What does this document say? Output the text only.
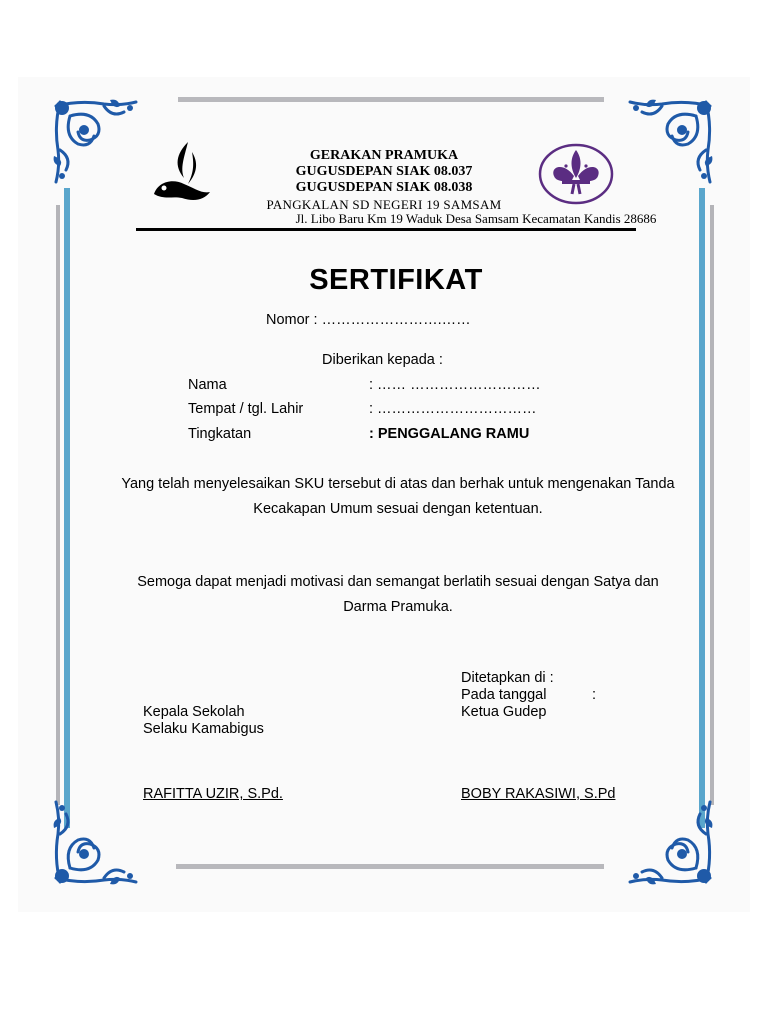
GERAKAN PRAMUKA
GUGUSDEPAN SIAK 08.037
GUGUSDEPAN SIAK 08.038
PANGKALAN SD NEGERI 19 SAMSAM
Jl. Libo Baru Km 19 Waduk Desa Samsam Kecamatan Kandis 28686
SERTIFIKAT
Nomor : …………………….……
Diberikan kepada :
Nama	: …… ………………………
Tempat / tgl. Lahir	: ……………………………
Tingkatan	: PENGGALANG RAMU
Yang telah menyelesaikan SKU tersebut di atas dan berhak untuk mengenakan Tanda Kecakapan Umum sesuai dengan ketentuan.
Semoga dapat menjadi motivasi dan semangat berlatih sesuai dengan Satya dan Darma Pramuka.
Ditetapkan di :
Pada tanggal	:
Ketua Gudep
Kepala Sekolah
Selaku Kamabigus
RAFITTA UZIR, S.Pd.	BOBY RAKASIWI, S.Pd
